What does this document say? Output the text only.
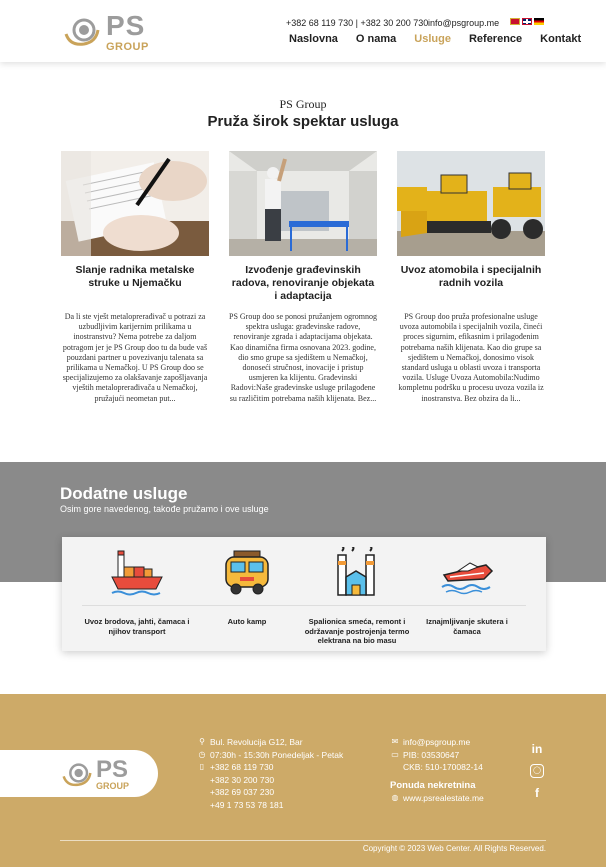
PS
GROUP
+382 68 119 730 | +382 30 200 730 info@psgroup.me
Naslovna O nama Usluge Reference Kontakt
PS Group
Pruža širok spektar usluga
Slanje radnika metalske struke u Njemačku

Da li ste vješt metaloprerađivač u potrazi za uzbudljivim karijernim prilikama u inostranstvu? Nema potrebe za daljom potragom jer je PS Group doo tu da bude vaš pouzdani partner u povezivanju talenata sa prilikama u Nemačkoj. U PS Group doo se specijalizujemo za olakšavanje zapošljavanja vještih metaloprerađivača u Nemačkoj, pružajući neometan put...

Izvođenje građevinskih radova, renoviranje objekata i adaptacija

PS Group doo se ponosi pružanjem ogromnog spektra usluga: građevinske radove, renoviranje zgrada i adaptacijama objekata. Kao dinamična firma osnovana 2023. godine, dio smo grupe sa sjedištem u Nemačkoj, donoseći stručnost, inovacije i pristup usmjeren ka klijentu. Građevinski Radovi:Naše građevinske usluge prilagođene su različitim potrebama naših klijenata. Bez...

Uvoz atomobila i specijalnih radnih vozila

PS Group doo pruža profesionalne usluge uvoza automobila i specijalnih vozila, čineći proces sigurnim, efikasnim i prilagođenim potrebama naših klijenata. Kao dio grupe sa sjedištem u Nemačkoj, donosimo visok standard usluga u oblasti uvoza i transporta vozila. Usluge Uvoza Automobila:Nudimo kompletnu podršku u procesu uvoza vozila iz inostranstva. Bez obzira da li...

Dodatne usluge
Osim gore navedenog, takođe pružamo i ove usluge
Uvoz brodova, jahti, čamaca i njihov transport
Auto kamp	Spalionica smeća, remont i održavanje postrojenja termo elektrana na bio masu
Iznajmljivanje skutera i čamaca
PS
GROUP
⚲ Bul. Revolucija G12, Bar
◷ 07:30h - 15:30h Ponedeljak - Petak
▯ +382 68 119 730
+382 30 200 730
+382 69 037 230
+49 1 73 53 78 181
✉ info@psgroup.me
▭ PIB: 03530647
CKB: 510-170082-14
Ponuda nekretnina
◍ www.psrealestate.me
in
◯
f
Copyright © 2023 Web Center. All Rights Reserved.
